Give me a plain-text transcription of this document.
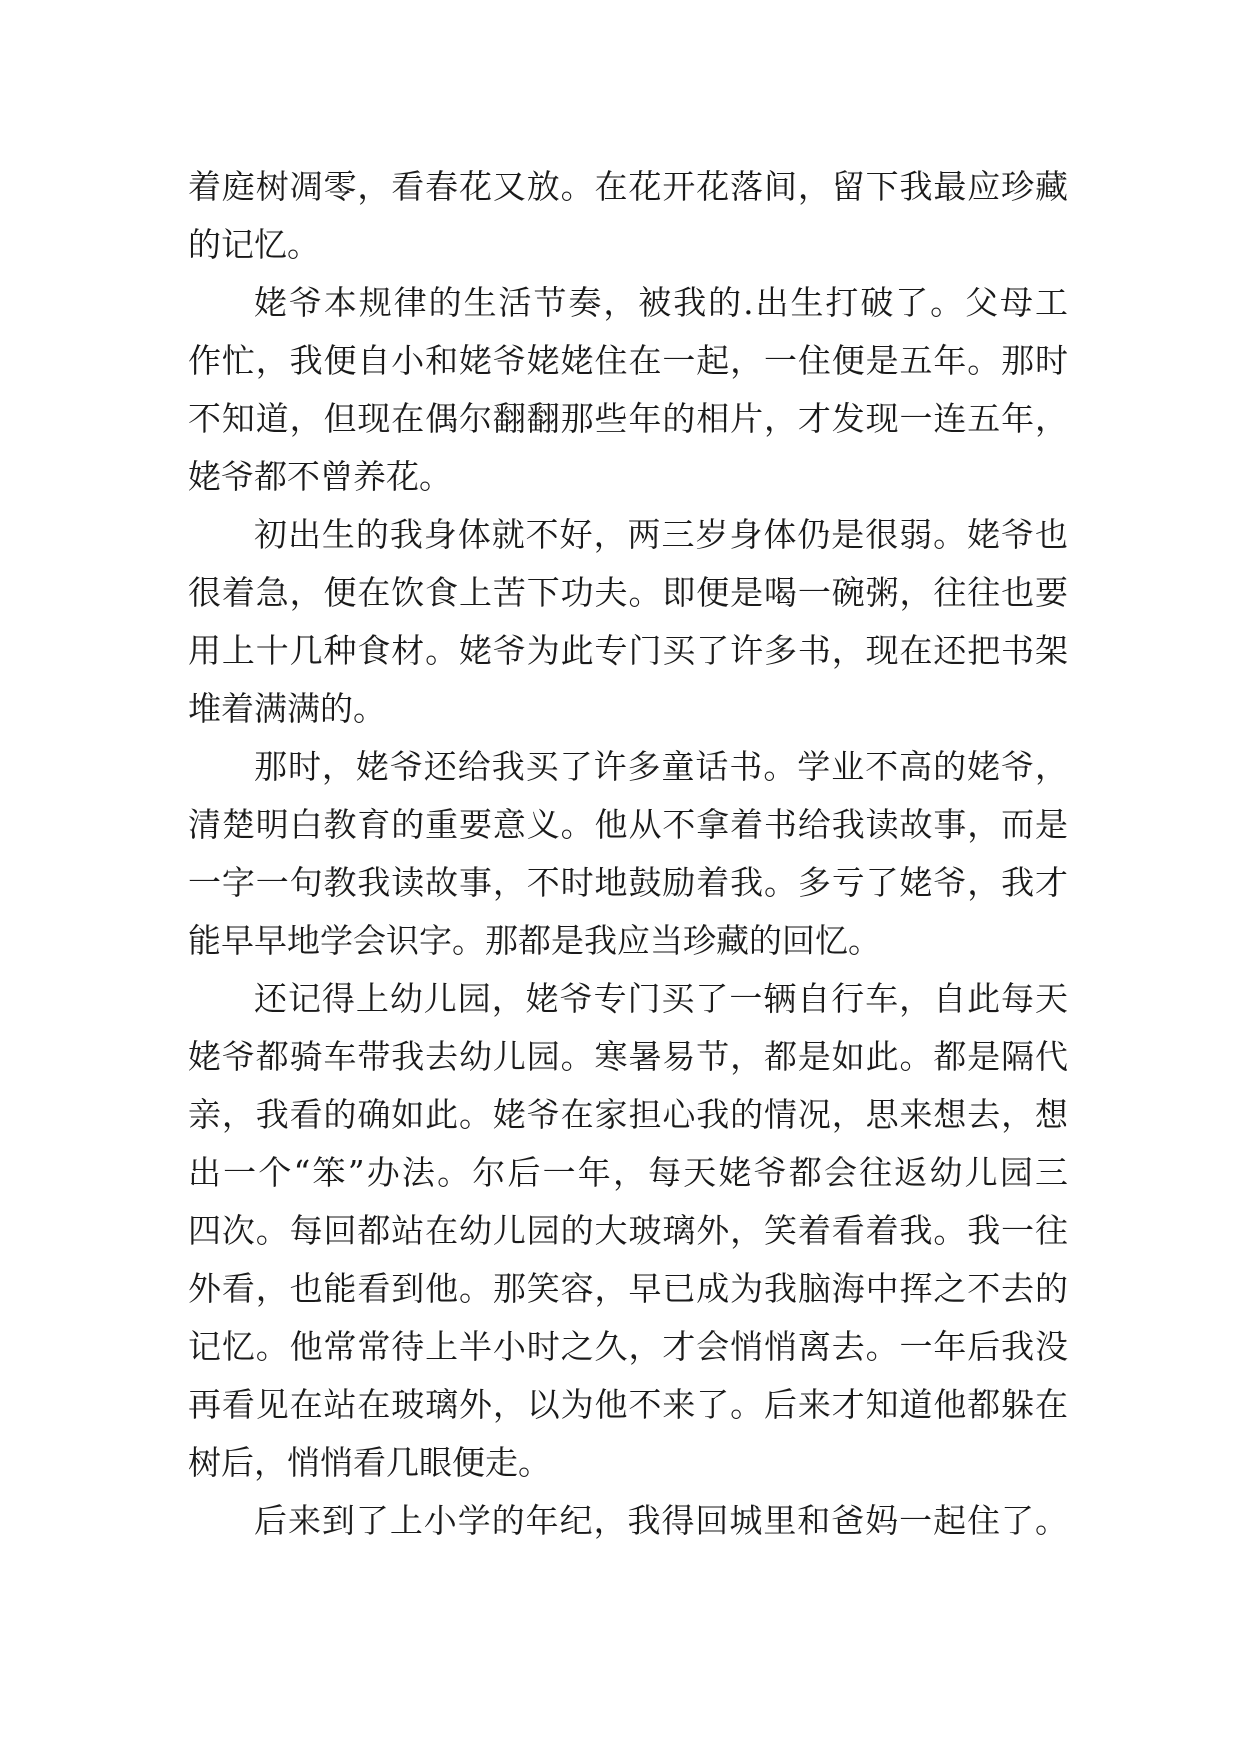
着庭树凋零，看春花又放。在花开花落间，留下我最应珍藏
的记忆。
姥爷本规律的生活节奏，被我的.出生打破了。父母工
作忙，我便自小和姥爷姥姥住在一起，一住便是五年。那时
不知道，但现在偶尔翻翻那些年的相片，才发现一连五年，
姥爷都不曾养花。
初出生的我身体就不好，两三岁身体仍是很弱。姥爷也
很着急，便在饮食上苦下功夫。即便是喝一碗粥，往往也要
用上十几种食材。姥爷为此专门买了许多书，现在还把书架
堆着满满的。
那时，姥爷还给我买了许多童话书。学业不高的姥爷，
清楚明白教育的重要意义。他从不拿着书给我读故事，而是
一字一句教我读故事，不时地鼓励着我。多亏了姥爷，我才
能早早地学会识字。那都是我应当珍藏的回忆。
还记得上幼儿园，姥爷专门买了一辆自行车，自此每天
姥爷都骑车带我去幼儿园。寒暑易节，都是如此。都是隔代
亲，我看的确如此。姥爷在家担心我的情况，思来想去，想
出一个“笨”办法。尔后一年，每天姥爷都会往返幼儿园三
四次。每回都站在幼儿园的大玻璃外，笑着看着我。我一往
外看，也能看到他。那笑容，早已成为我脑海中挥之不去的
记忆。他常常待上半小时之久，才会悄悄离去。一年后我没
再看见在站在玻璃外，以为他不来了。后来才知道他都躲在
树后，悄悄看几眼便走。
后来到了上小学的年纪，我得回城里和爸妈一起住了。
